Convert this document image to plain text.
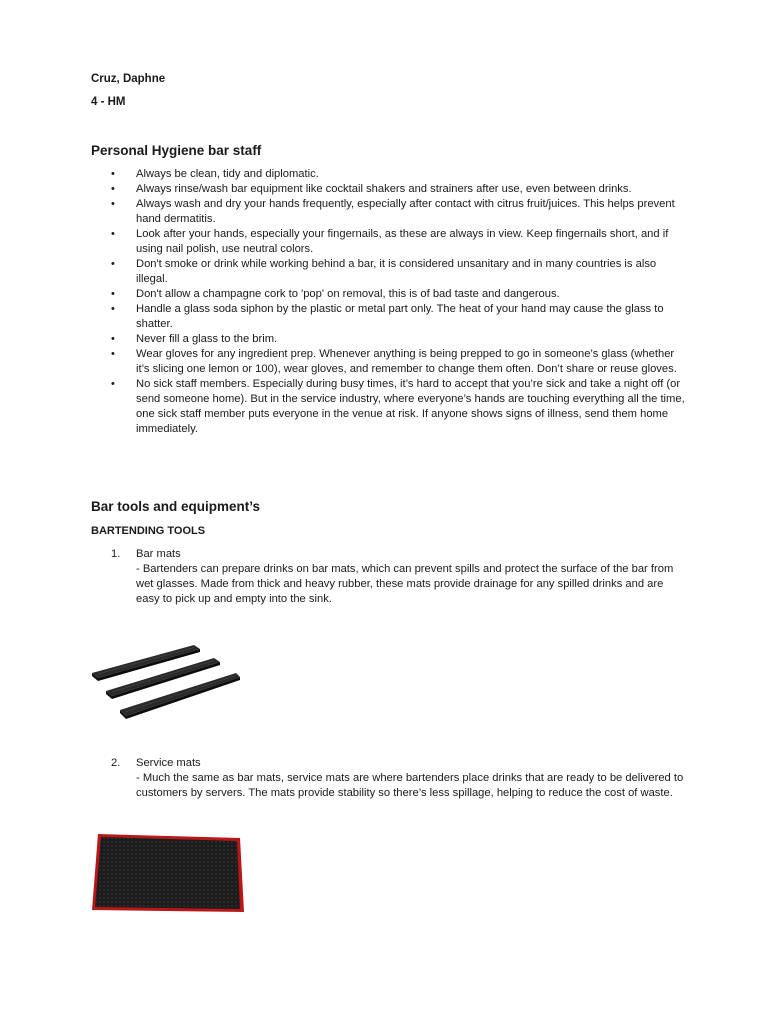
Cruz, Daphne
4 - HM
Personal Hygiene bar staff
• Always be clean, tidy and diplomatic.
• Always rinse/wash bar equipment like cocktail shakers and strainers after use, even between drinks.
• Always wash and dry your hands frequently, especially after contact with citrus fruit/juices. This helps prevent hand dermatitis.
• Look after your hands, especially your fingernails, as these are always in view. Keep fingernails short, and if using nail polish, use neutral colors.
• Don't smoke or drink while working behind a bar, it is considered unsanitary and in many countries is also illegal.
• Don't allow a champagne cork to 'pop' on removal, this is of bad taste and dangerous.
• Handle a glass soda siphon by the plastic or metal part only. The heat of your hand may cause the glass to shatter.
• Never fill a glass to the brim.
• Wear gloves for any ingredient prep. Whenever anything is being prepped to go in someone’s glass (whether it’s slicing one lemon or 100), wear gloves, and remember to change them often. Don’t share or reuse gloves.
• No sick staff members. Especially during busy times, it’s hard to accept that you’re sick and take a night off (or send someone home). But in the service industry, where everyone’s hands are touching everything all the time, one sick staff member puts everyone in the venue at risk. If anyone shows signs of illness, send them home immediately.
Bar tools and equipment’s
BARTENDING TOOLS
1. Bar mats
- Bartenders can prepare drinks on bar mats, which can prevent spills and protect the surface of the bar from wet glasses. Made from thick and heavy rubber, these mats provide drainage for any spilled drinks and are easy to pick up and empty into the sink.
2. Service mats
- Much the same as bar mats, service mats are where bartenders place drinks that are ready to be delivered to customers by servers. The mats provide stability so there’s less spillage, helping to reduce the cost of waste.
